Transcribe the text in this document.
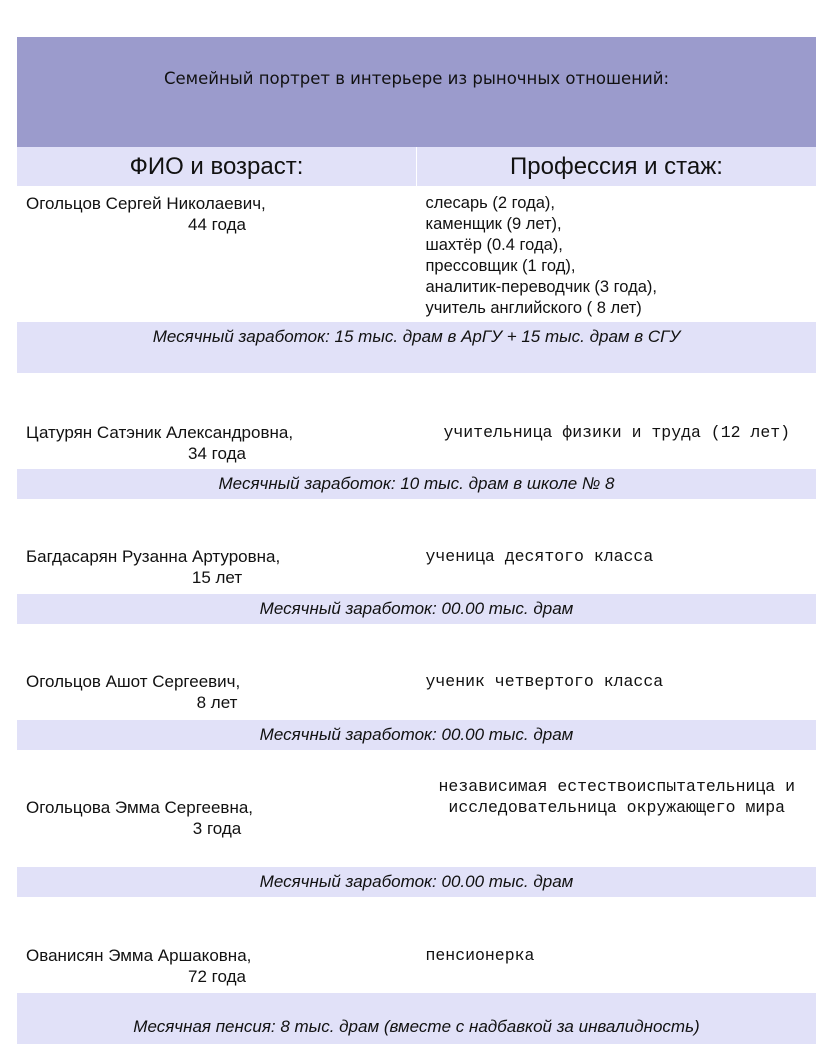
Семейный портрет в интерьере из рыночных отношений:
ФИО и возраст:	Профессия и стаж:
Огольцов Сергей Николаевич,
44 года
слесарь (2 года),
каменщик (9 лет),
шахтёр (0.4 года),
прессовщик (1 год),
аналитик-переводчик (3 года),
учитель английского ( 8 лет)
Месячный заработок: 15 тыс. драм в АрГУ + 15 тыс. драм в СГУ
Цатурян Сатэник Александровна,
34 года
учительница физики и труда (12 лет)
Месячный заработок: 10 тыс. драм в школе № 8
Багдасарян Рузанна Артуровна,
15 лет
ученица десятого класса
Месячный заработок: 00.00 тыс. драм
Огольцов Ашот Сергеевич,
8 лет
ученик четвертого класса
Месячный заработок: 00.00 тыс. драм
Огольцова Эмма Сергеевна,
3 года
независимая естествоиспытательница и исследовательница окружающего мира
Месячный заработок: 00.00 тыс. драм
Ованисян Эмма Аршаковна,
72 года
пенсионерка
Месячная пенсия: 8 тыс. драм (вместе с надбавкой за инвалидность)
